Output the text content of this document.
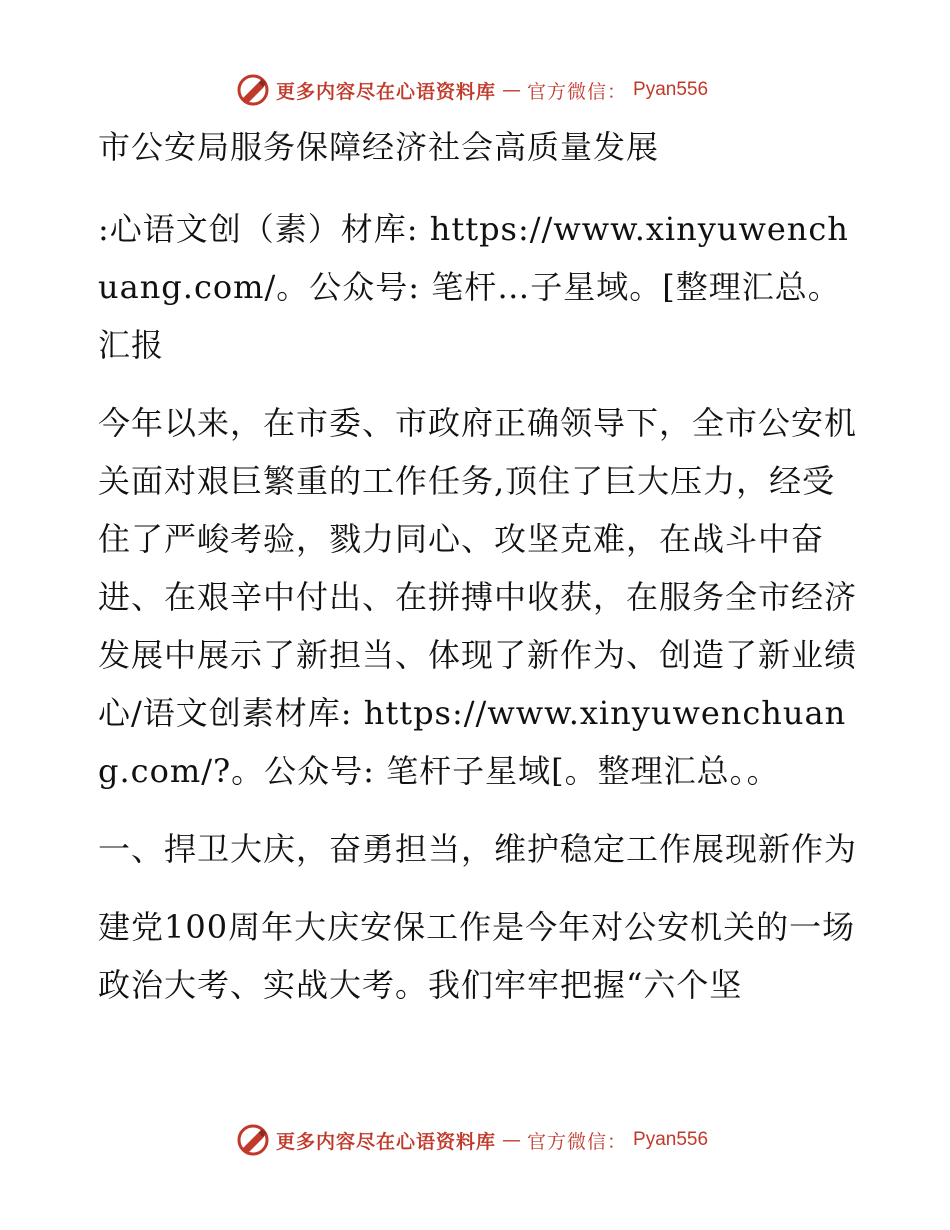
更多内容尽在心语资料库 — 官方微信： Pyan556

市公安局服务保障经济社会高质量发展

:心语文创（素）材库: https://www.xinyuwenchuang.com/。公众号: 笔杆…子星域。[整理汇总。汇报

今年以来，在市委、市政府正确领导下，全市公安机关面对艰巨繁重的工作任务,顶住了巨大压力，经受住了严峻考验，戮力同心、攻坚克难，在战斗中奋进、在艰辛中付出、在拼搏中收获，在服务全市经济发展中展示了新担当、体现了新作为、创造了新业绩心/语文创素材库: https://www.xinyuwenchuang.com/?。公众号: 笔杆子星域[。整理汇总。。

一、捍卫大庆，奋勇担当，维护稳定工作展现新作为

建党100周年大庆安保工作是今年对公安机关的一场政治大考、实战大考。我们牢牢把握“六个坚

更多内容尽在心语资料库 — 官方微信： Pyan556
